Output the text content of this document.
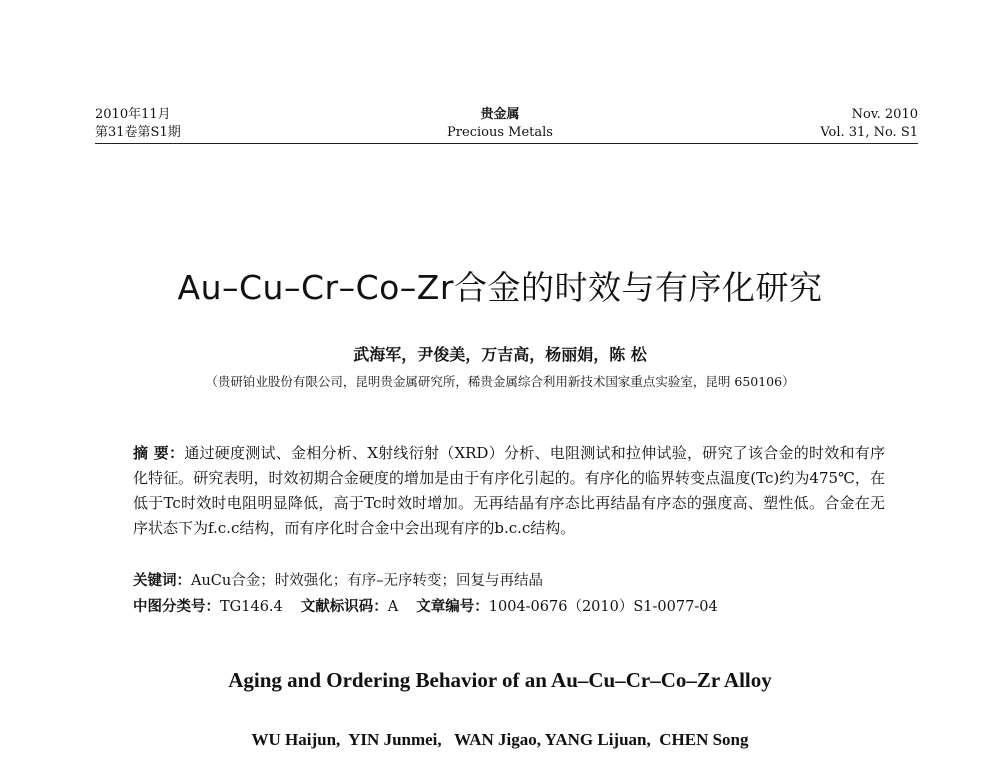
2010年11月
第31卷第S1期
贵金属
Precious Metals
Nov. 2010
Vol. 31, No. S1
Au–Cu–Cr–Co–Zr合金的时效与有序化研究
武海军，尹俊美，万吉高，杨丽娟，陈 松
（贵研铂业股份有限公司，昆明贵金属研究所，稀贵金属综合利用新技术国家重点实验室，昆明 650106）
摘 要：通过硬度测试、金相分析、X射线衍射（XRD）分析、电阻测试和拉伸试验，研究了该合金的时效和有序化特征。研究表明，时效初期合金硬度的增加是由于有序化引起的。有序化的临界转变点温度(Tc)约为475℃，在低于Tc时效时电阻明显降低，高于Tc时效时增加。无再结晶有序态比再结晶有序态的强度高、塑性低。合金在无序状态下为f.c.c结构，而有序化时合金中会出现有序的b.c.c结构。
关键词：AuCu合金；时效强化；有序–无序转变；回复与再结晶
中图分类号：TG146.4 文献标识码：A 文章编号：1004-0676（2010）S1-0077-04
Aging and Ordering Behavior of an Au–Cu–Cr–Co–Zr Alloy
WU Haijun,  YIN Junmei,   WAN Jigao, YANG Lijuan,  CHEN Song
